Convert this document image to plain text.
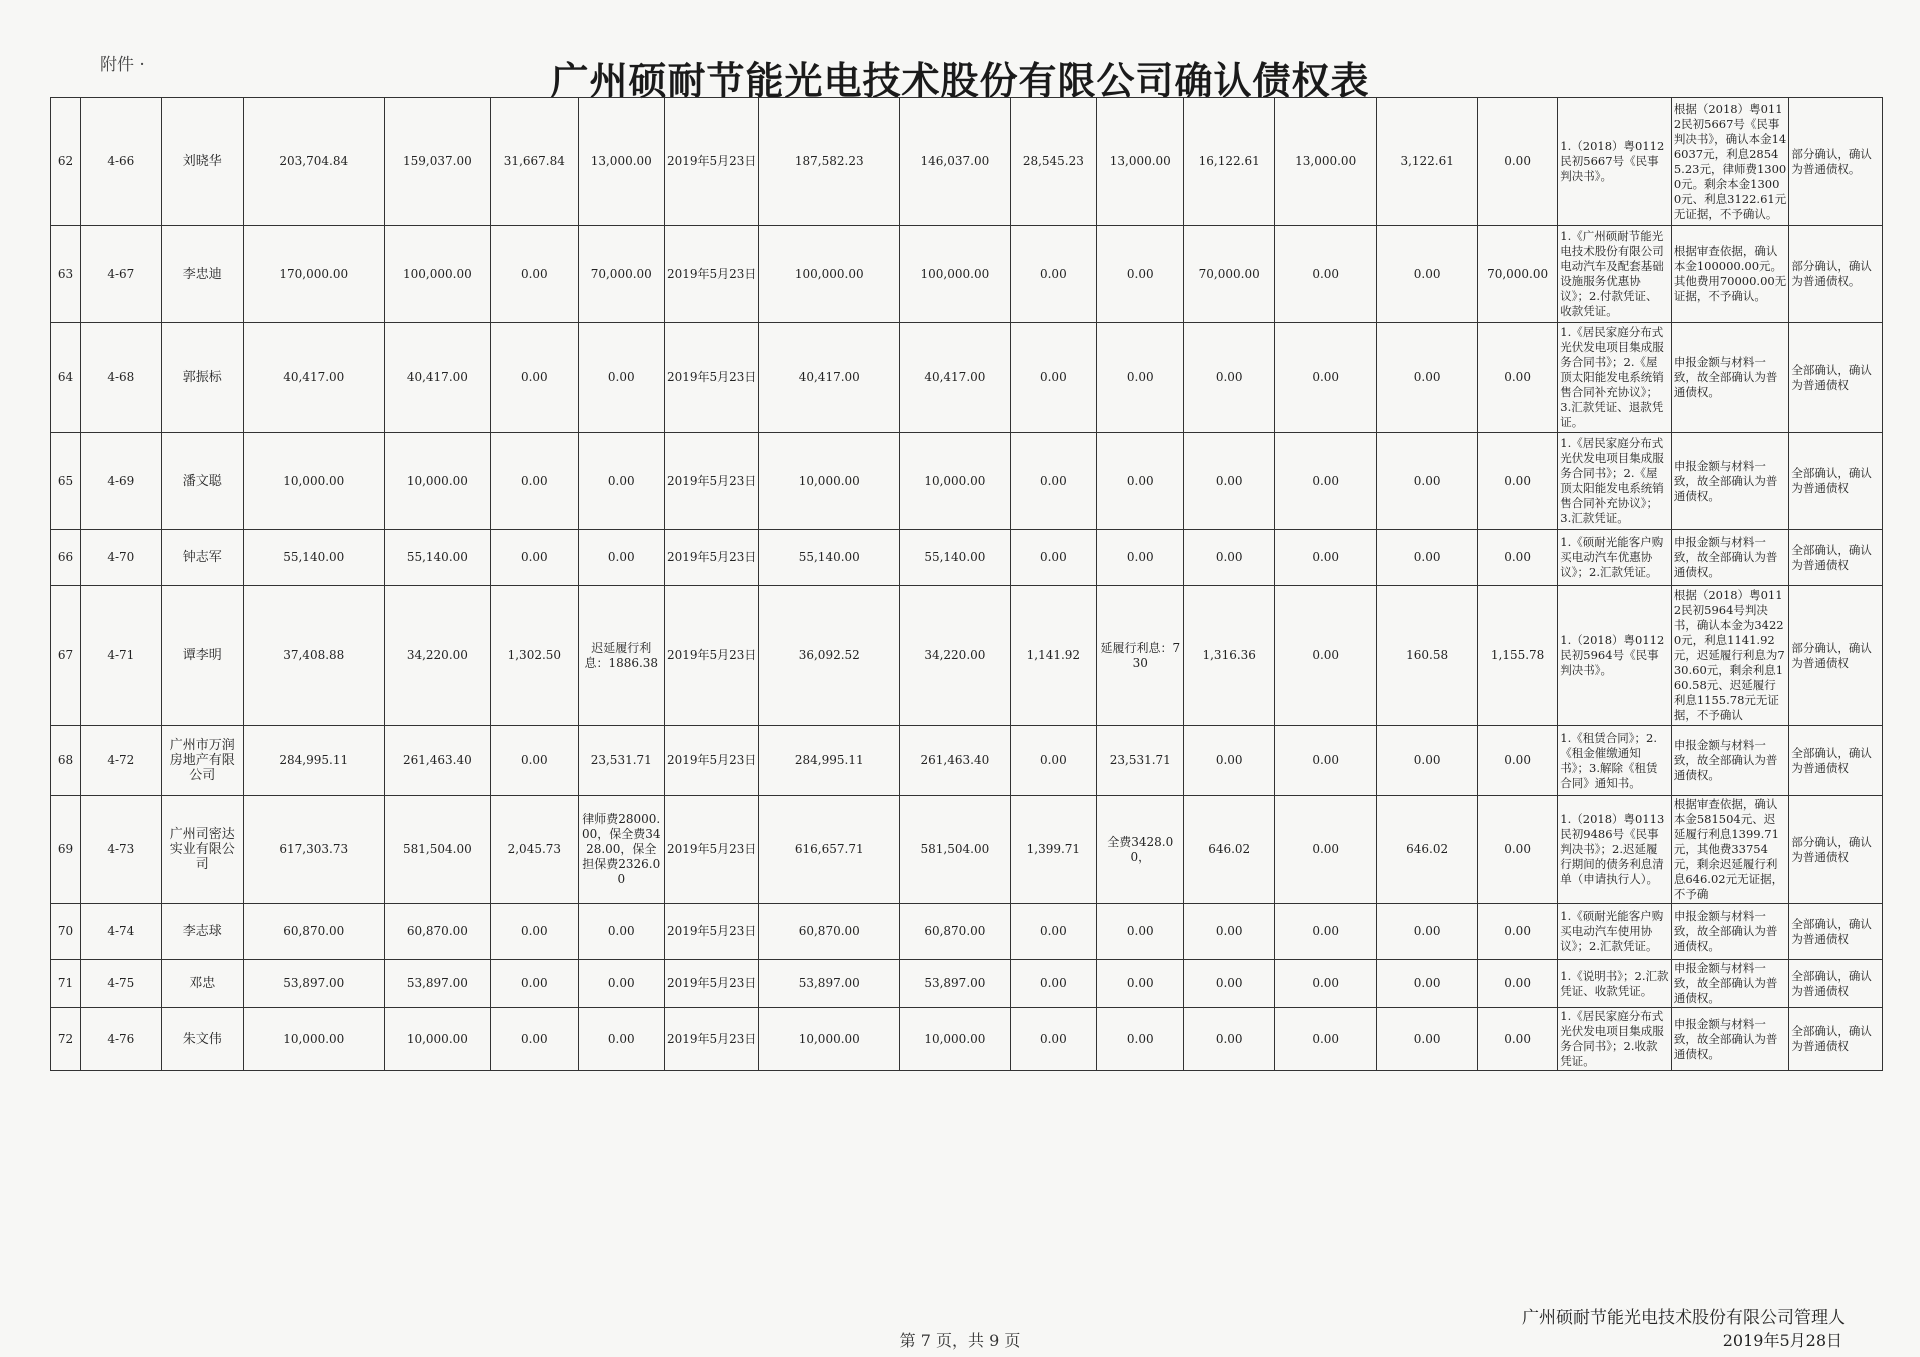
附件 ·	广州硕耐节能光电技术股份有限公司确认债权表
62	4-66	刘晓华	203,704.84	159,037.00	31,667.84	13,000.00	2019年5月23日	187,582.23	146,037.00	28,545.23	13,000.00	16,122.61	13,000.00	3,122.61	0.00	1.（2018）粤0112民初5667号《民事判决书》。	根据（2018）粤0112民初5667号《民事判决书》，确认本金146037元，利息28545.23元，律师费13000元。剩余本金13000元、利息3122.61元无证据，不予确认。	部分确认，确认为普通债权。
63	4-67	李忠迪	170,000.00	100,000.00	0.00	70,000.00	2019年5月23日	100,000.00	100,000.00	0.00	0.00	70,000.00	0.00	0.00	70,000.00	1.《广州硕耐节能光电技术股份有限公司电动汽车及配套基础设施服务优惠协议》；2.付款凭证、收款凭证。	根据审查依据，确认本金100000.00元。其他费用70000.00无证据，不予确认。	部分确认，确认为普通债权。
64	4-68	郭振标	40,417.00	40,417.00	0.00	0.00	2019年5月23日	40,417.00	40,417.00	0.00	0.00	0.00	0.00	0.00	0.00	1.《居民家庭分布式光伏发电项目集成服务合同书》；2.《屋顶太阳能发电系统销售合同补充协议》；3.汇款凭证、退款凭证。	申报金额与材料一致，故全部确认为普通债权。	全部确认，确认为普通债权
65	4-69	潘文聪	10,000.00	10,000.00	0.00	0.00	2019年5月23日	10,000.00	10,000.00	0.00	0.00	0.00	0.00	0.00	0.00	1.《居民家庭分布式光伏发电项目集成服务合同书》；2.《屋顶太阳能发电系统销售合同补充协议》；3.汇款凭证。	申报金额与材料一致，故全部确认为普通债权。	全部确认，确认为普通债权
66	4-70	钟志军	55,140.00	55,140.00	0.00	0.00	2019年5月23日	55,140.00	55,140.00	0.00	0.00	0.00	0.00	0.00	0.00	1.《硕耐光能客户购买电动汽车优惠协议》；2.汇款凭证。	申报金额与材料一致，故全部确认为普通债权。	全部确认，确认为普通债权
67	4-71	谭李明	37,408.88	34,220.00	1,302.50	迟延履行利息：1886.38	2019年5月23日	36,092.52	34,220.00	1,141.92	延履行利息：730	1,316.36	0.00	160.58	1,155.78	1.（2018）粤0112民初5964号《民事判决书》。	根据（2018）粤0112民初5964号判决书，确认本金为34220元，利息1141.92元，迟延履行利息为730.60元，剩余利息160.58元、迟延履行利息1155.78元无证据，不予确认	部分确认，确认为普通债权
68	4-72	广州市万润房地产有限公司	284,995.11	261,463.40	0.00	23,531.71	2019年5月23日	284,995.11	261,463.40	0.00	23,531.71	0.00	0.00	0.00	0.00	1.《租赁合同》；2.《租金催缴通知书》；3.解除《租赁合同》通知书。	申报金额与材料一致，故全部确认为普通债权。	全部确认，确认为普通债权
69	4-73	广州司密达实业有限公司	617,303.73	581,504.00	2,045.73	律师费28000.00，保全费3428.00，保全担保费2326.00	2019年5月23日	616,657.71	581,504.00	1,399.71	全费3428.00，	646.02	0.00	646.02	0.00	1.（2018）粤0113民初9486号《民事判决书》；2.迟延履行期间的债务利息清单（申请执行人）。	根据审查依据，确认本金581504元、迟延履行利息1399.71元，其他费33754元，剩余迟延履行利息646.02元无证据，不予确	部分确认，确认为普通债权
70	4-74	李志球	60,870.00	60,870.00	0.00	0.00	2019年5月23日	60,870.00	60,870.00	0.00	0.00	0.00	0.00	0.00	0.00	1.《硕耐光能客户购买电动汽车使用协议》；2.汇款凭证。	申报金额与材料一致，故全部确认为普通债权。	全部确认，确认为普通债权
71	4-75	邓忠	53,897.00	53,897.00	0.00	0.00	2019年5月23日	53,897.00	53,897.00	0.00	0.00	0.00	0.00	0.00	0.00	1.《说明书》；2.汇款凭证、收款凭证。	申报金额与材料一致，故全部确认为普通债权。	全部确认，确认为普通债权
72	4-76	朱文伟	10,000.00	10,000.00	0.00	0.00	2019年5月23日	10,000.00	10,000.00	0.00	0.00	0.00	0.00	0.00	0.00	1.《居民家庭分布式光伏发电项目集成服务合同书》；2.收款凭证。	申报金额与材料一致，故全部确认为普通债权。	全部确认，确认为普通债权
广州硕耐节能光电技术股份有限公司管理人
第 7 页，共 9 页	2019年5月28日
